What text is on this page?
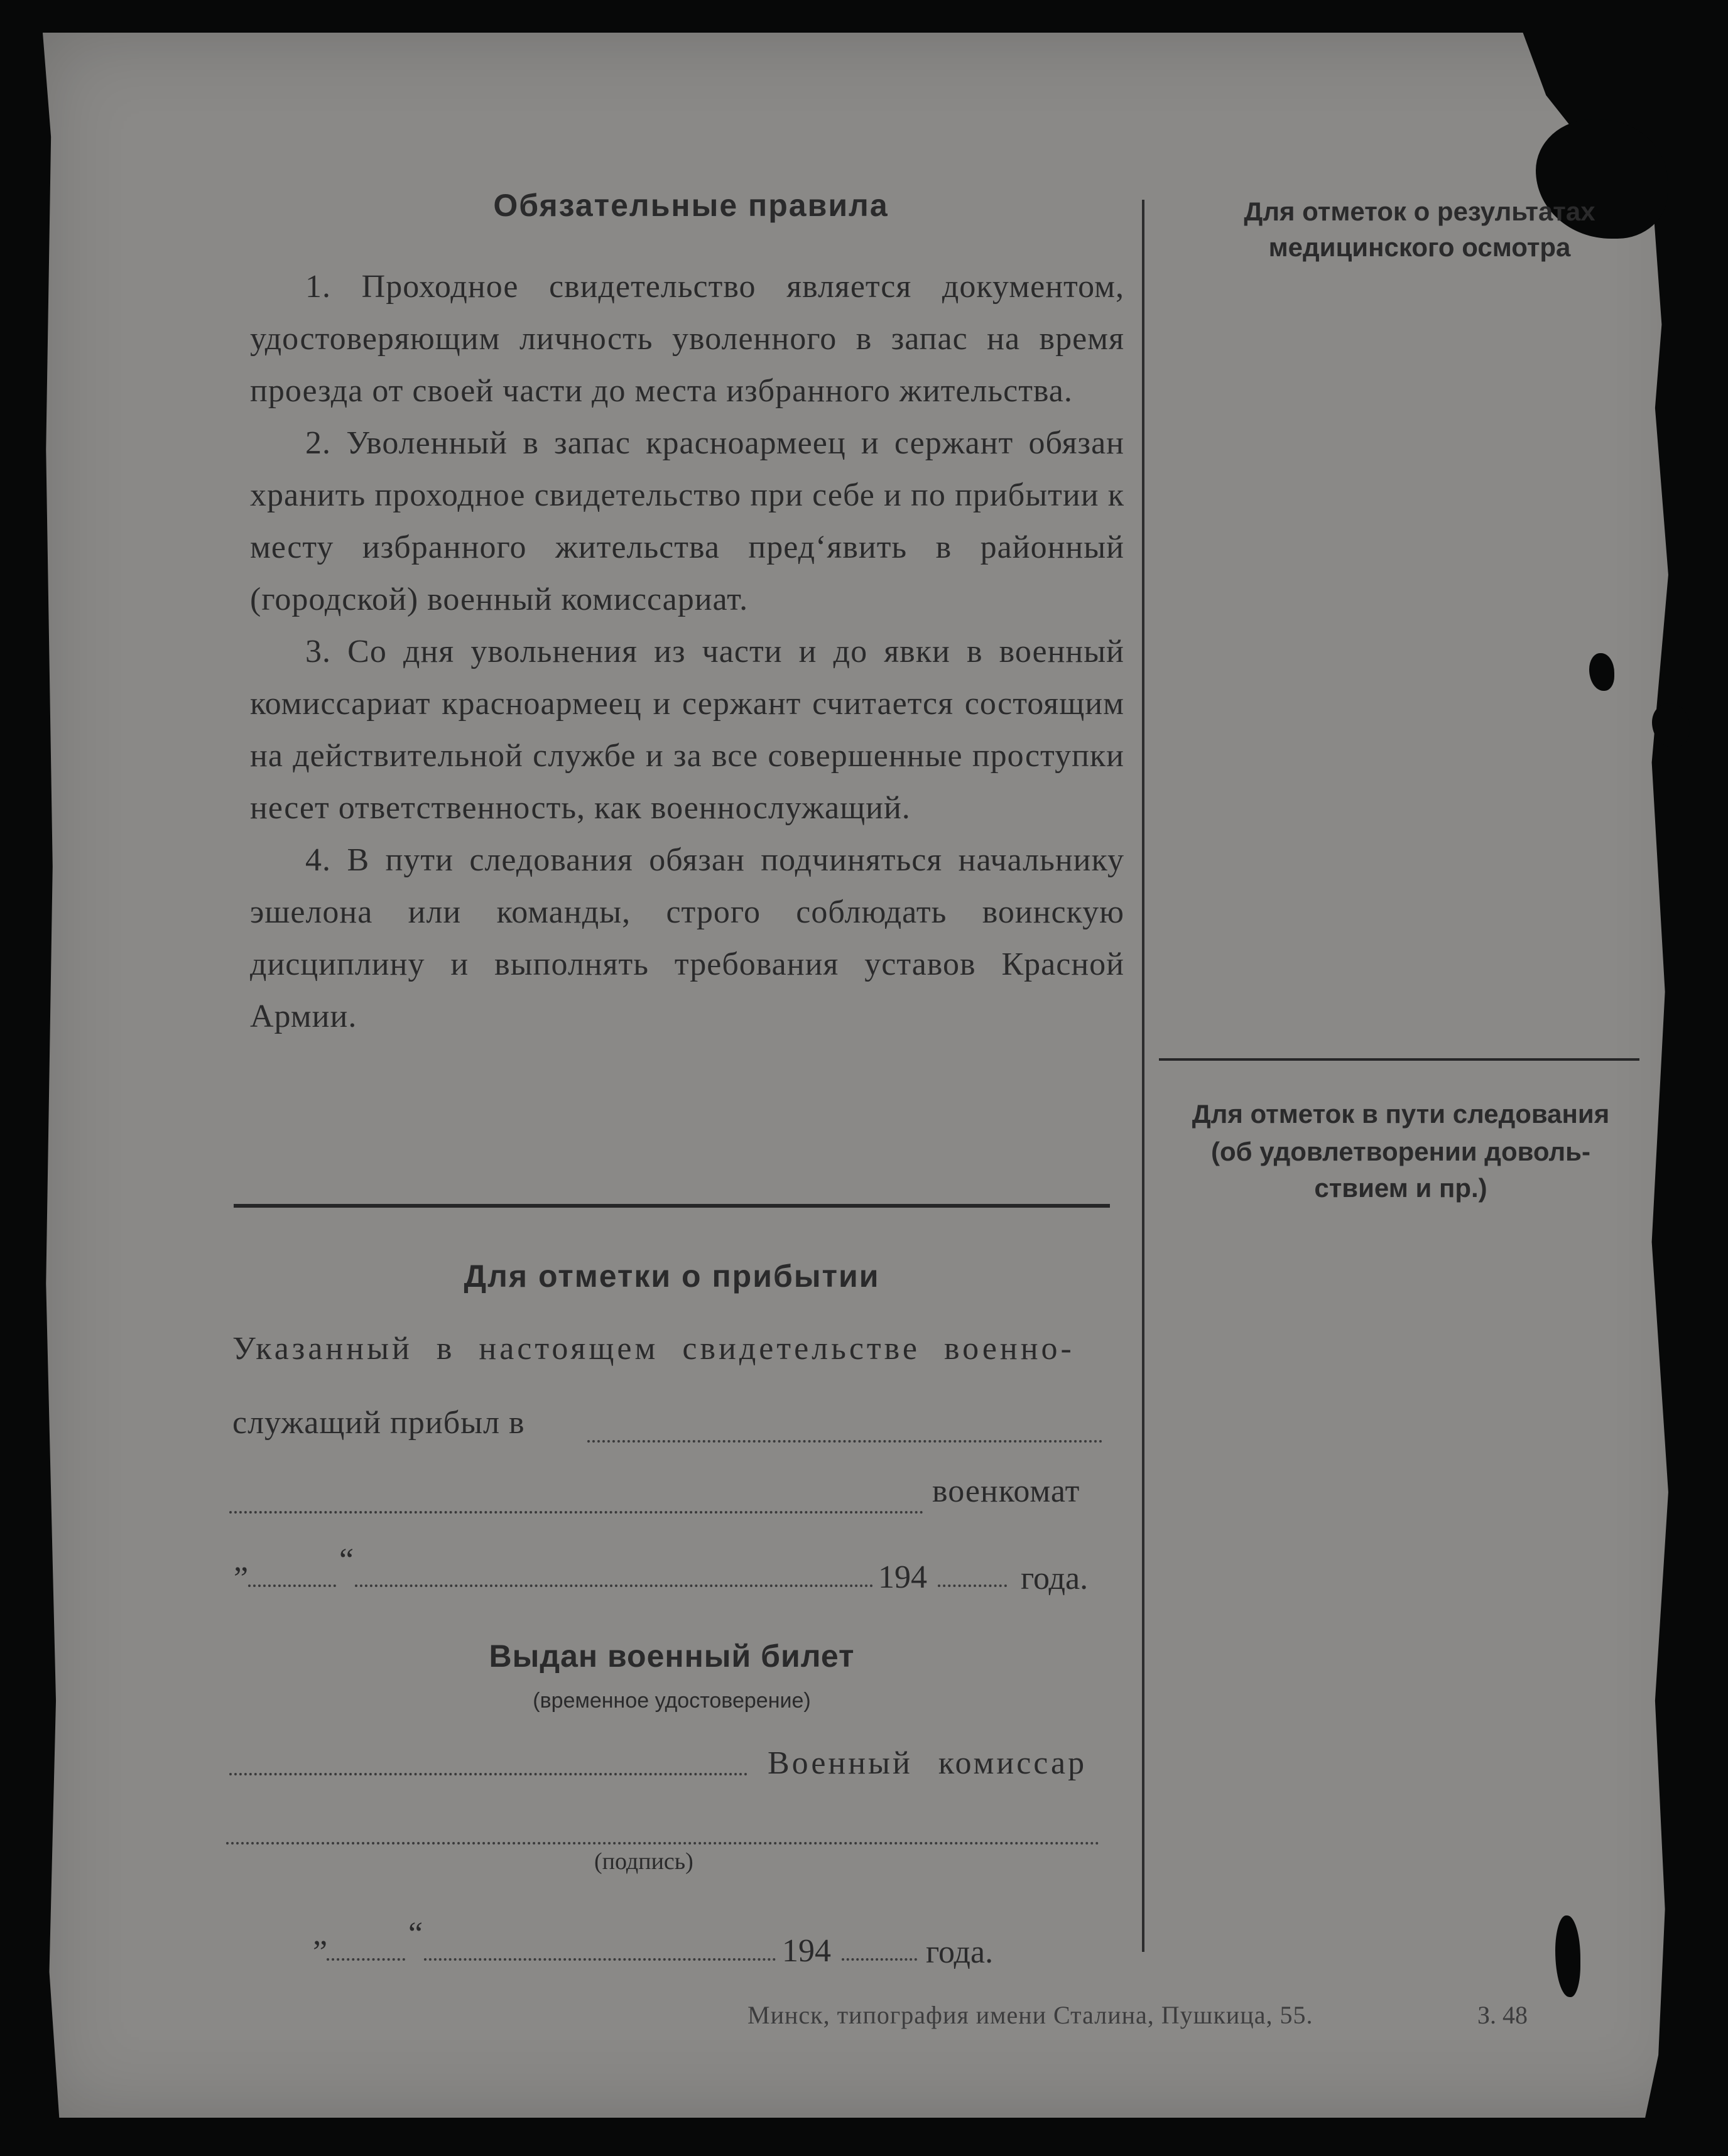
Обязательные правила

1. Проходное свидетельство является документом, удостоверяющим личность уволенного в запас на время проезда от своей части до места избранного жительства.

2. Уволенный в запас красноармеец и сержант обязан хранить проходное свидетельство при себе и по прибытии к месту избранного жительства пред‘явить в районный (городской) военный комиссариат.

3. Со дня увольнения из части и до явки в военный комиссариат красноармеец и сержант считается состоящим на действительной службе и за все совершенные проступки несет ответственность, как военнослужащий.

4. В пути следования обязан подчиняться начальнику эшелона или команды, строго соблюдать воинскую дисциплину и выполнять требования уставов Красной Армии.

Для отметки о прибытии
Указанный в настоящем свидетельстве военно-
служащий прибыл в
военкомат
„	“	194	года.
Выдан военный билет
(временное удостоверение)
Военный комиссар
(подпись)
„ “	194	года.
Для отметок о результатах
медицинского осмотра
Для отметок в пути следования
(об удовлетворении доволь-
ствием и пр.)
Минск, типография имени Сталина, Пушкица, 55.	З. 48
